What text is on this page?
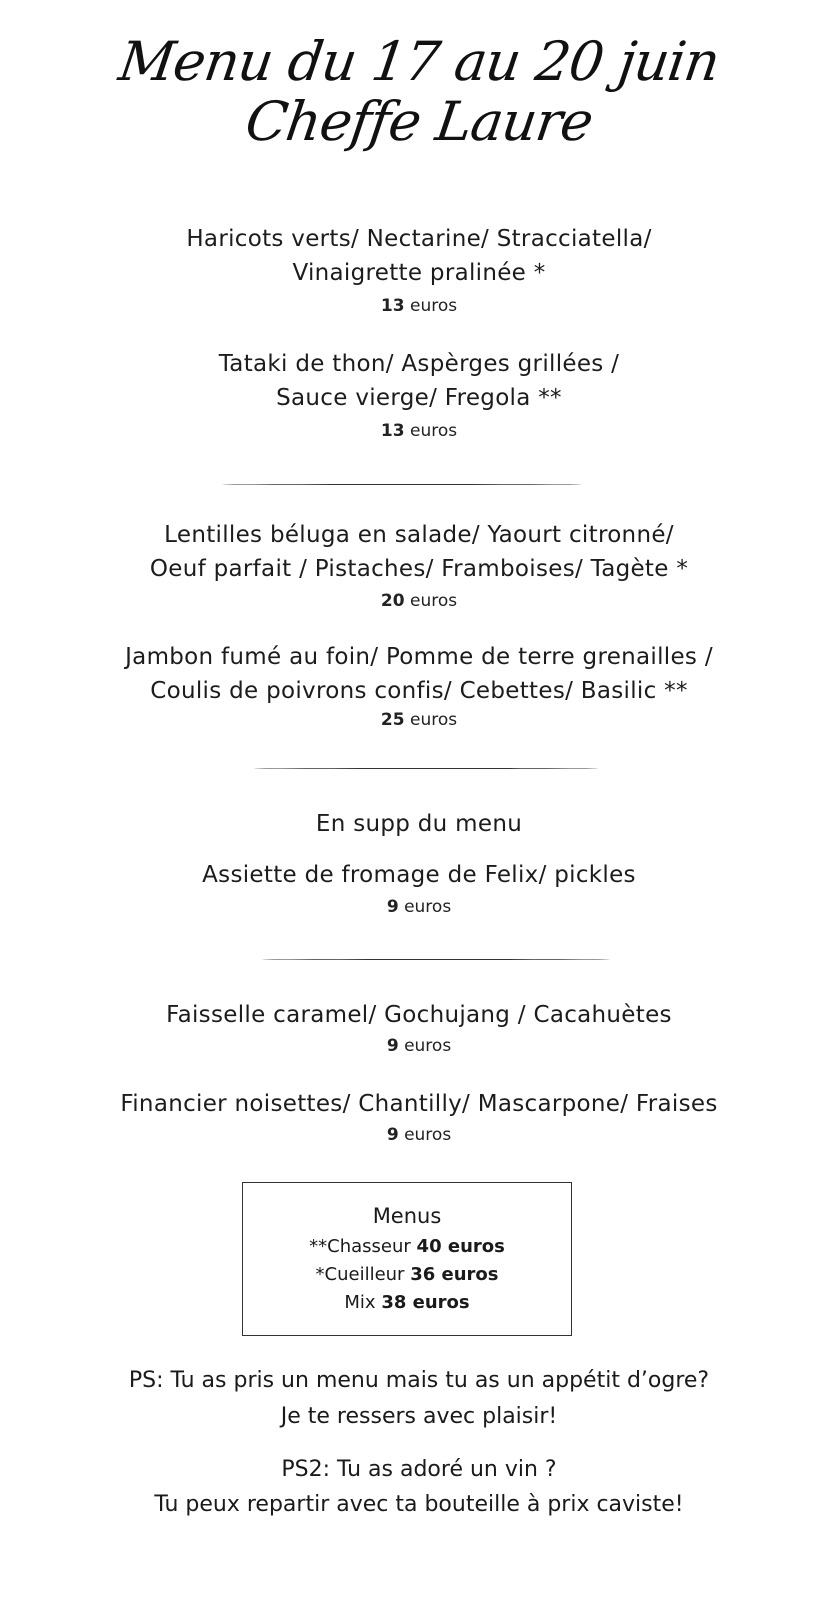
Menu du 17 au 20 juin
Cheffe Laure
Haricots verts/ Nectarine/ Stracciatella/
Vinaigrette pralinée *
13 euros
Tataki de thon/ Aspèrges grillées /
Sauce vierge/ Fregola **
13 euros
Lentilles béluga en salade/ Yaourt citronné/
Oeuf parfait / Pistaches/ Framboises/ Tagète *
20 euros
Jambon fumé au foin/ Pomme de terre grenailles /
Coulis de poivrons confis/ Cebettes/ Basilic **
25 euros
En supp du menu
Assiette de fromage de Felix/ pickles
9 euros
Faisselle caramel/ Gochujang / Cacahuètes
9 euros
Financier noisettes/ Chantilly/ Mascarpone/ Fraises
9 euros
Menus
**Chasseur 40 euros
*Cueilleur 36 euros
Mix 38 euros
PS: Tu as pris un menu mais tu as un appétit d’ogre?
Je te ressers avec plaisir!
PS2: Tu as adoré un vin ?
Tu peux repartir avec ta bouteille à prix caviste!
